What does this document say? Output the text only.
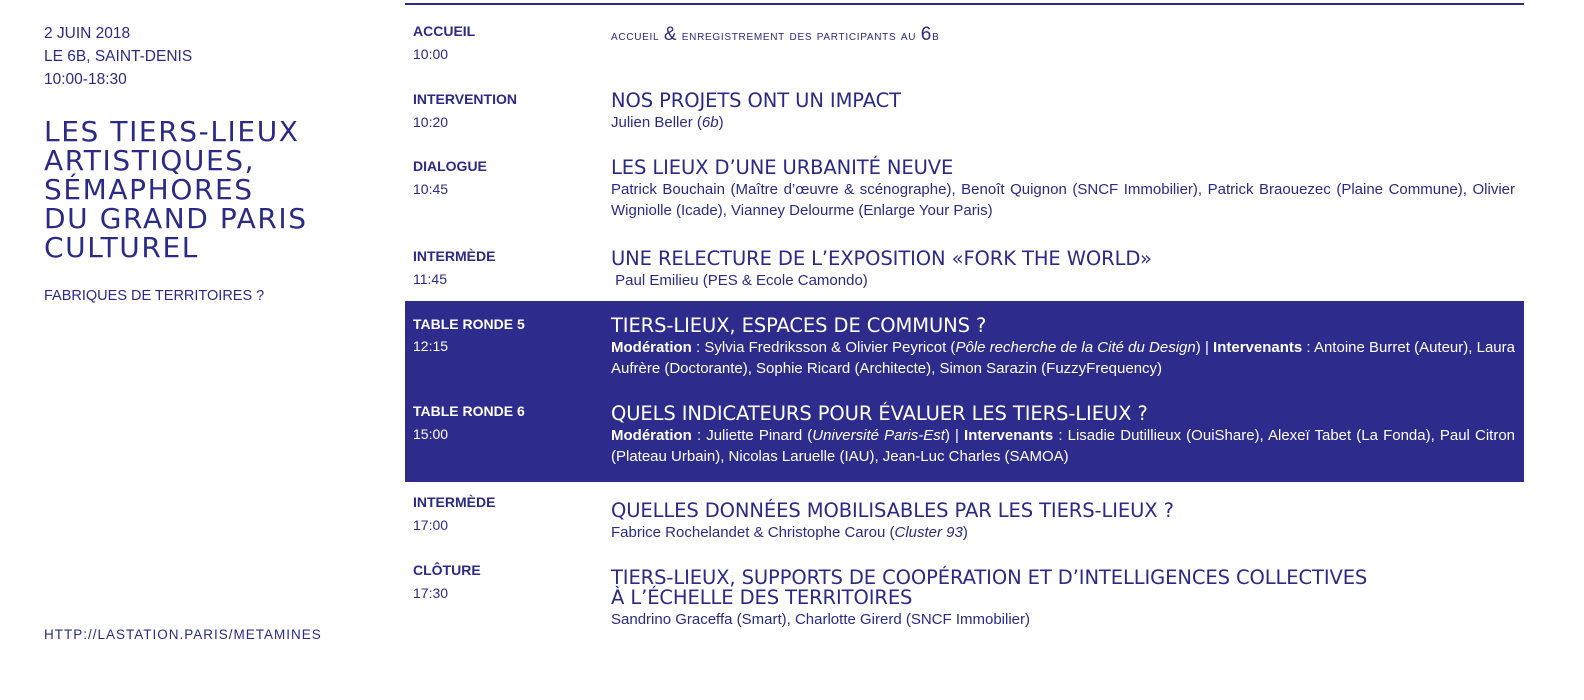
2 JUIN 2018
LE 6B, SAINT-DENIS
10:00-18:30
LES TIERS-LIEUX
ARTISTIQUES,
SÉMAPHORES
DU GRAND PARIS
CULTUREL
FABRIQUES DE TERRITOIRES ?
HTTP://LASTATION.PARIS/METAMINES
ACCUEIL
10:00
accueil & enregistrement des participants au 6b
INTERVENTION
10:20
NOS PROJETS ONT UN IMPACT
Julien Beller (6b)
DIALOGUE
10:45
LES LIEUX D’UNE URBANITÉ NEUVE
Patrick Bouchain (Maître d’œuvre & scénographe), Benoît Quignon (SNCF Immobilier), Patrick Braouezec (Plaine Commune), Olivier Wigniolle (Icade), Vianney Delourme (Enlarge Your Paris)
INTERMÈDE
11:45
UNE RELECTURE DE L’EXPOSITION «FORK THE WORLD»
Paul Emilieu (PES & Ecole Camondo)
TABLE RONDE 5
12:15
TIERS-LIEUX, ESPACES DE COMMUNS ?
Modération : Sylvia Fredriksson & Olivier Peyricot (Pôle recherche de la Cité du Design) | Intervenants : Antoine Burret (Auteur), Laura Aufrère (Doctorante), Sophie Ricard (Architecte), Simon Sarazin (FuzzyFrequency)
TABLE RONDE 6
15:00
QUELS INDICATEURS POUR ÉVALUER LES TIERS-LIEUX ?
Modération : Juliette Pinard (Université Paris-Est) | Intervenants : Lisadie Dutillieux (OuiShare), Alexeï Tabet (La Fonda), Paul Citron (Plateau Urbain), Nicolas Laruelle (IAU), Jean-Luc Charles (SAMOA)
INTERMÈDE
17:00
QUELLES DONNÉES MOBILISABLES PAR LES TIERS-LIEUX ?
Fabrice Rochelandet & Christophe Carou (Cluster 93)
CLÔTURE
17:30
TIERS-LIEUX, SUPPORTS DE COOPÉRATION ET D’INTELLIGENCES COLLECTIVES
À L’ÉCHELLE DES TERRITOIRES
Sandrino Graceffa (Smart), Charlotte Girerd (SNCF Immobilier)
